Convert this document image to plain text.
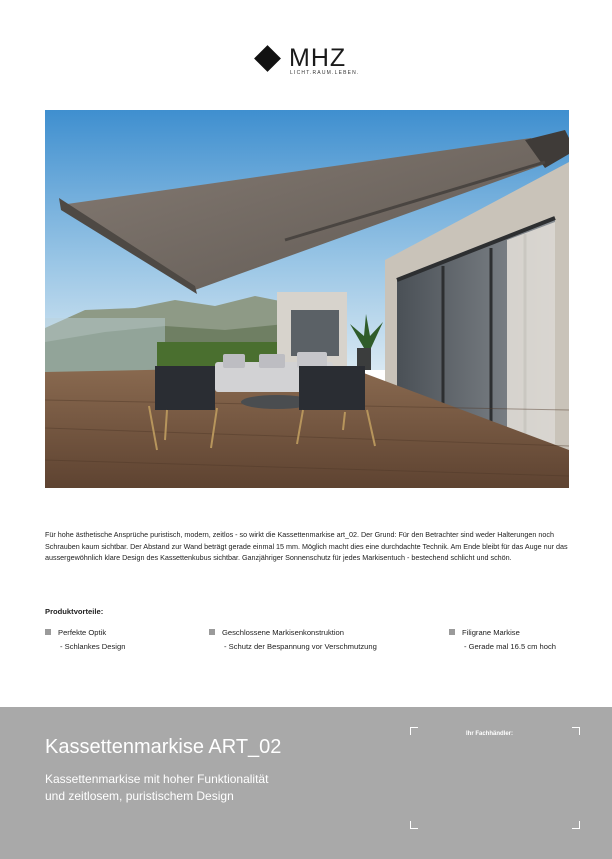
MHZ
LICHT.RAUM.LEBEN.

Für hohe ästhetische Ansprüche puristisch, modern, zeitlos - so wirkt die Kassettenmarkise art_02. Der Grund: Für den Betrachter sind weder Halterungen noch Schrauben kaum sichtbar. Der Abstand zur Wand beträgt gerade einmal 15 mm. Möglich macht dies eine durchdachte Technik. Am Ende bleibt für das Auge nur das aussergewöhnlich klare Design des Kassettenkubus sichtbar. Ganzjähriger Sonnenschutz für jedes Markisentuch - bestechend schlicht und schön.

Produktvorteile:
Perfekte Optik
- Schlankes Design
Geschlossene Markisenkonstruktion
- Schutz der Bespannung vor Verschmutzung
Filigrane Markise
- Gerade mal 16.5 cm hoch
Kassettenmarkise ART_02
Kassettenmarkise mit hoher Funktionalität
und zeitlosem, puristischem Design
Ihr Fachhändler:
